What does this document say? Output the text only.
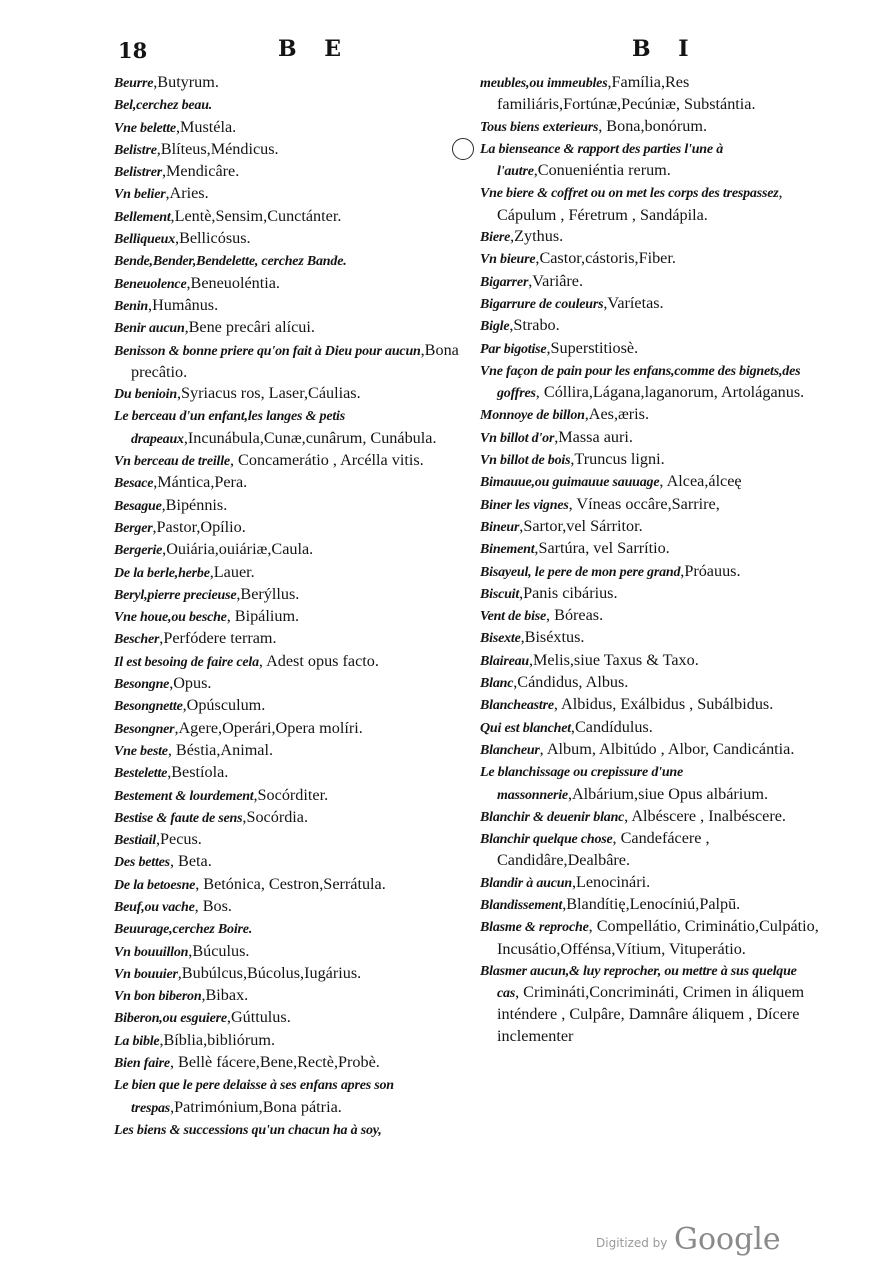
18	B E	B I
Beurre,Butyrum.
Bel,cerchez beau.
Vne belette,Mustéla.
Belistre,Blíteus,Méndicus.
Belistrer,Mendicâre.
Vn belier,Aries.
Bellement,Lentè,Sensim,Cunctánter.
Belliqueux,Bellicósus.
Bende,Bender,Bendelette, cerchez Bande.
Beneuolence,Beneuoléntia.
Benin,Humânus.
Benir aucun,Bene precâri alícui.
Benisson & bonne priere qu'on fait à Dieu pour aucun,Bona precâtio.
Du benioin,Syriacus ros, Laser,Cáulias.
Le berceau d'un enfant,les langes & petis drapeaux,Incunábula,Cunæ,cunârum, Cunábula.
Vn berceau de treille, Concamerátio , Arcélla vitis.
Besace,Mántica,Pera.
Besague,Bipénnis.
Berger,Pastor,Opílio.
Bergerie,Ouiária,ouiáriæ,Caula.
De la berle,herbe,Lauer.
Beryl,pierre precieuse,Berýllus.
Vne houe,ou besche, Bipálium.
Bescher,Perfódere terram.
Il est besoing de faire cela, Adest opus facto.
Besongne,Opus.
Besongnette,Opúsculum.
Besongner,Agere,Operári,Opera molíri.
Vne beste, Béstia,Animal.
Bestelette,Bestíola.
Bestement & lourdement,Socórditer.
Bestise & faute de sens,Socórdia.
Bestiail,Pecus.
Des bettes, Beta.
De la betoesne, Betónica, Cestron,Serrátula.
Beuf,ou vache, Bos.
Beuurage,cerchez Boire.
Vn bouuillon,Búculus.
Vn bouuier,Bubúlcus,Búcolus,Iugárius.
Vn bon biberon,Bibax.
Biberon,ou esguiere,Gúttulus.
La bible,Bíblia,bibliórum.
Bien faire, Bellè fácere,Bene,Rectè,Probè.
Le bien que le pere delaisse à ses enfans apres son trespas,Patrimónium,Bona pátria.
Les biens & successions qu'un chacun ha à soy,
meubles,ou immeubles,Família,Res familiáris,Fortúnæ,Pecúniæ, Substántia.
Tous biens exterieurs, Bona,bonórum.
La bienseance & rapport des parties l'une à l'autre,Conueniéntia rerum.
Vne biere & coffret ou on met les corps des trespassez, Cápulum , Féretrum , Sandápila.
Biere,Zythus.
Vn bieure,Castor,cástoris,Fiber.
Bigarrer,Variâre.
Bigarrure de couleurs,Varíetas.
Bigle,Strabo.
Par bigotise,Superstitiosè.
Vne façon de pain pour les enfans,comme des bignets,des goffres, Cóllira,Lágana,laganorum, Artoláganus.
Monnoye de billon,Aes,æris.
Vn billot d'or,Massa auri.
Vn billot de bois,Truncus ligni.
Bimauue,ou guimauue sauuage, Alcea,álceę
Biner les vignes, Víneas occâre,Sarrire,
Bineur,Sartor,vel Sárritor.
Binement,Sartúra, vel Sarrítio.
Bisayeul, le pere de mon pere grand,Próauus.
Biscuit,Panis cibárius.
Vent de bise, Bóreas.
Bisexte,Biséxtus.
Blaireau,Melis,siue Taxus & Taxo.
Blanc,Cándidus, Albus.
Blancheastre, Albidus, Exálbidus , Subálbidus.
Qui est blanchet,Candídulus.
Blancheur, Album, Albitúdo , Albor, Candicántia.
Le blanchissage ou crepissure d'une massonnerie,Albárium,siue Opus albárium.
Blanchir & deuenir blanc, Albéscere , Inalbéscere.
Blanchir quelque chose, Candefácere , Candidâre,Dealbâre.
Blandir à aucun,Lenocinári.
Blandissement,Blandítię,Lenocíniú,Palpū.
Blasme & reproche, Compellátio, Criminátio,Culpátio, Incusátio,Offénsa,Vítium, Vituperátio.
Blasmer aucun,& luy reprocher, ou mettre à sus quelque cas, Crimináti,Concrimináti, Crimen in áliquem inténdere , Culpâre, Damnâre áliquem , Dícere inclementer
Digitized by Google
